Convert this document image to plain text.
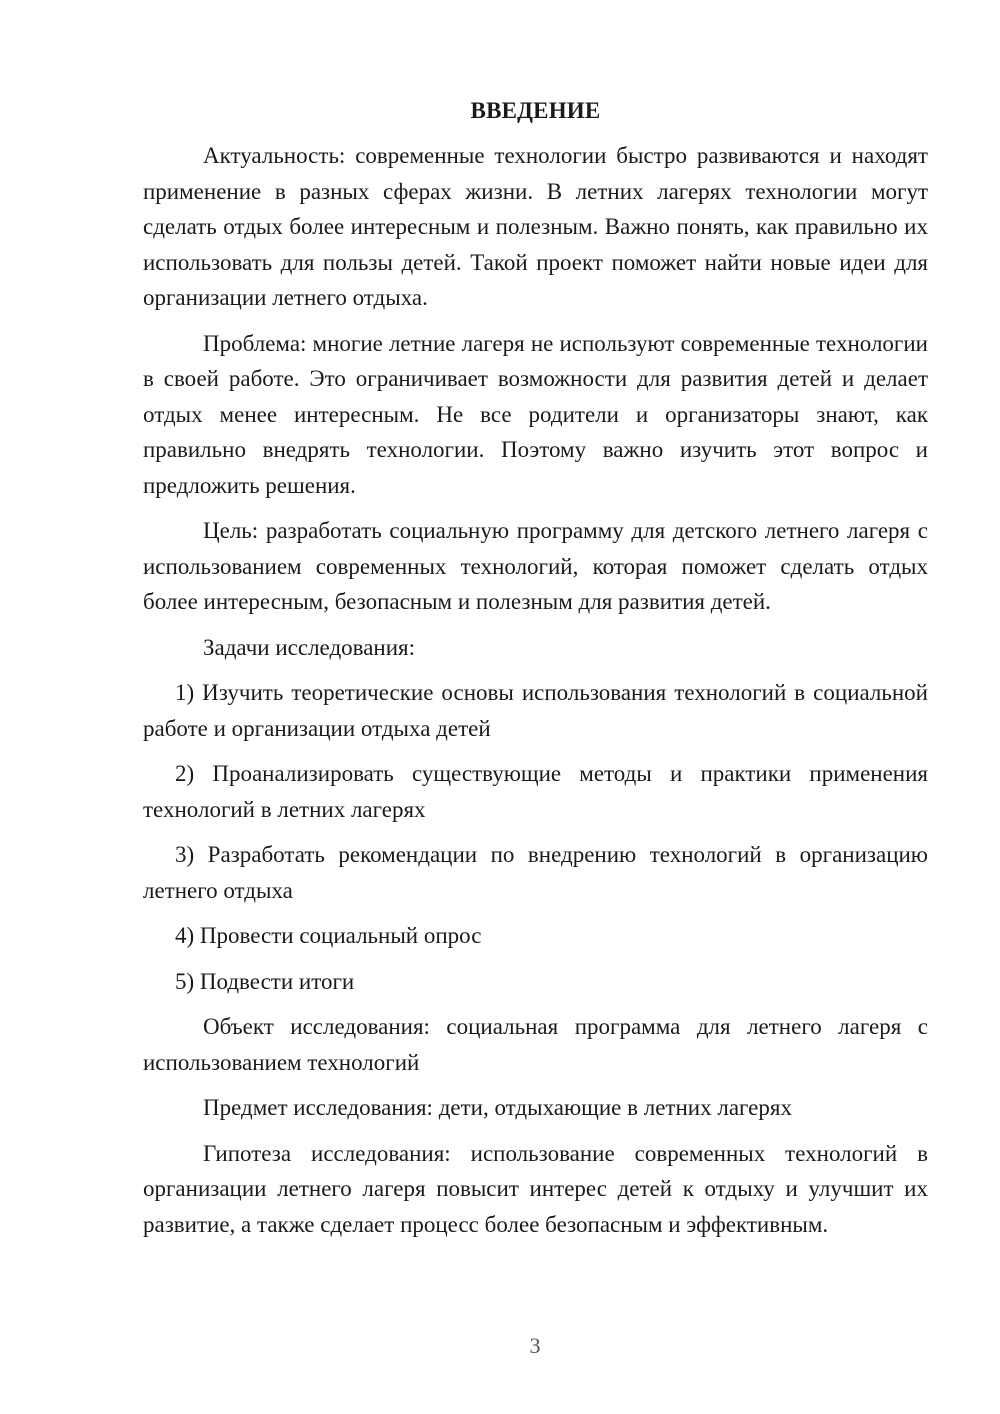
ВВЕДЕНИЕ

Актуальность: современные технологии быстро развиваются и находят применение в разных сферах жизни. В летних лагерях технологии могут сделать отдых более интересным и полезным. Важно понять, как правильно их использовать для пользы детей. Такой проект поможет найти новые идеи для организации летнего отдыха.

Проблема: многие летние лагеря не используют современные технологии в своей работе. Это ограничивает возможности для развития детей и делает отдых менее интересным. Не все родители и организаторы знают, как правильно внедрять технологии. Поэтому важно изучить этот вопрос и предложить решения.

Цель: разработать социальную программу для детского летнего лагеря с использованием современных технологий, которая поможет сделать отдых более интересным, безопасным и полезным для развития детей.

Задачи исследования:

1) Изучить теоретические основы использования технологий в социальной работе и организации отдыха детей

2) Проанализировать существующие методы и практики применения технологий в летних лагерях

3) Разработать рекомендации по внедрению технологий в организацию летнего отдыха

4) Провести социальный опрос

5) Подвести итоги

Объект исследования: социальная программа для летнего лагеря с использованием технологий

Предмет исследования: дети, отдыхающие в летних лагерях

Гипотеза исследования: использование современных технологий в организации летнего лагеря повысит интерес детей к отдыху и улучшит их развитие, а также сделает процесс более безопасным и эффективным.

3
